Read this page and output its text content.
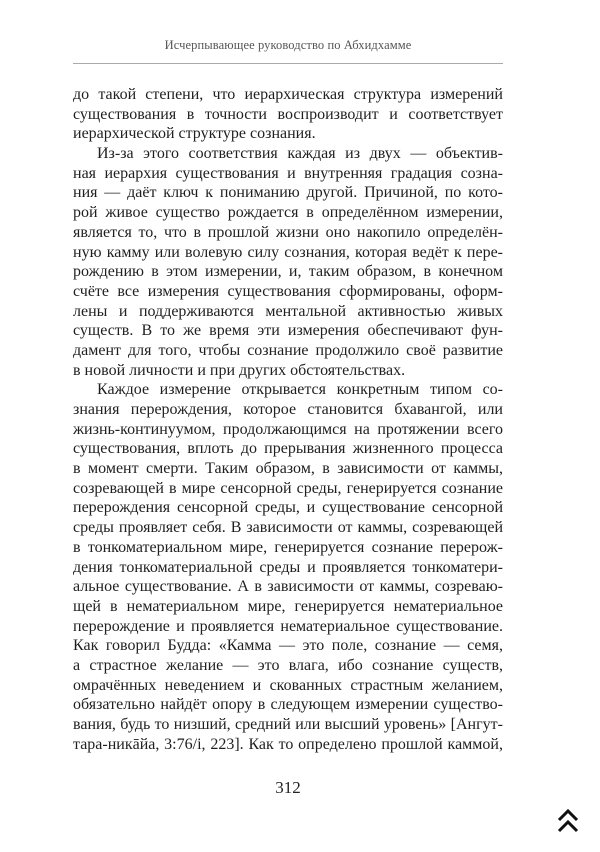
Исчерпывающее руководство по Абхидхамме
до такой степени, что иерархическая структура измерений
существования в точности воспроизводит и соответствует
иерархической структуре сознания.
Из-за этого соответствия каждая из двух — объектив-
ная иерархия существования и внутренняя градация созна-
ния — даёт ключ к пониманию другой. Причиной, по кото-
рой живое существо рождается в определённом измерении,
является то, что в прошлой жизни оно накопило определён-
ную камму или волевую силу сознания, которая ведёт к пере-
рождению в этом измерении, и, таким образом, в конечном
счёте все измерения существования сформированы, оформ-
лены и поддерживаются ментальной активностью живых
существ. В то же время эти измерения обеспечивают фун-
дамент для того, чтобы сознание продолжило своё развитие
в новой личности и при других обстоятельствах.
Каждое измерение открывается конкретным типом со-
знания перерождения, которое становится бхавангой, или
жизнь-континуумом, продолжающимся на протяжении всего
существования, вплоть до прерывания жизненного процесса
в момент смерти. Таким образом, в зависимости от каммы,
созревающей в мире сенсорной среды, генерируется сознание
перерождения сенсорной среды, и существование сенсорной
среды проявляет себя. В зависимости от каммы, созревающей
в тонкоматериальном мире, генерируется сознание перерож-
дения тонкоматериальной среды и проявляется тонкоматери-
альное существование. А в зависимости от каммы, созреваю-
щей в нематериальном мире, генерируется нематериальное
перерождение и проявляется нематериальное существование.
Как говорил Будда: «Камма — это поле, сознание — семя,
а страстное желание — это влага, ибо сознание существ,
омрачённых неведением и скованных страстным желанием,
обязательно найдёт опору в следующем измерении существо-
вания, будь то низший, средний или высший уровень» [Ангут-
тара-никāйа, 3:76/i, 223]. Как то определено прошлой каммой,
312
